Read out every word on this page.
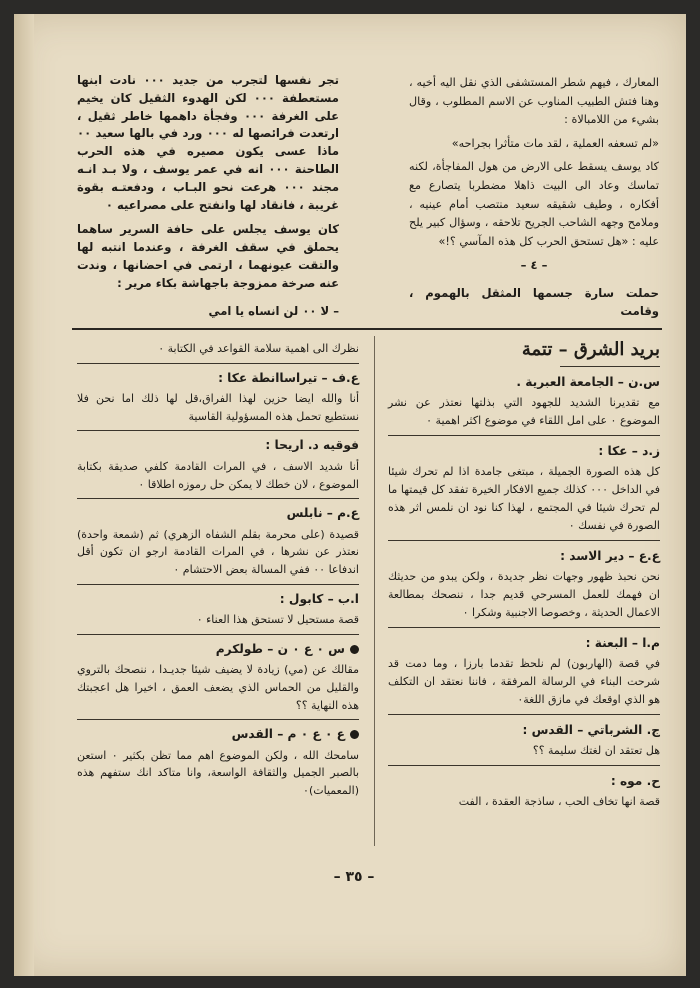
المعارك ، فيهم شطر المستشفى الذي نقل اليه أخيه ، وهنا فتش الطبيب المناوب عن الاسم المطلوب ، وقال بشيء من اللامبالاة :

«لم تسعفه العملية ، لقد مات متأثرا بجراحه»

كاد يوسف يسقط على الارض من هول المفاجأة، لكنه تماسك وعاد الى البيت ذاهلا مضطربا يتصارع مع أفكاره ، وطيف شقيقه سعيد منتصب أمام عينيه ، وملامح وجهه الشاحب الجريح تلاحقه ، وسؤال كبير يلح عليه : «هل تستحق الحرب كل هذه المآسي ؟!»

– ٤ –

حملت سارة جسمها المثقل بالهموم ، وقامت

تجر نفسها لتجرب من جديد ٠٠٠ نادت ابنها مستعطفة ٠٠٠ لكن الهدوء الثقيل كان يخيم على الغرفة ٠٠٠ وفجأة داهمها خاطر ثقيل ، ارتعدت فرائصها له ٠٠٠ ورد في بالها سعيد ٠٠ ماذا عسى يكون مصيره في هذه الحرب الطاحنة ٠٠٠ انه في عمر يوسف ، ولا بـد انـه مجند ٠٠٠ هرعت نحو البـاب ، ودفعتـه بقوة غريبة ، فانقاد لها وانفتح على مصراعيه ٠

كان يوسف يجلس على حافة السرير ساهما يحملق في سقف الغرفة ، وعندما انتبه لها والتقت عيونهما ، ارتمى في احضانها ، وندت عنه صرخة ممزوجة باجهاشة بكاء مرير :

– لا ٠٠ لن انساه يا امي

بريد الشرق – تتمة
س.ن – الجامعة العبرية .

مع تقديرنا الشديد للجهود التي بذلتها نعتذر عن نشر الموضوع ٠ على امل اللقاء في موضوع اكثر اهمية ٠

ز.د – عكا :

كل هذه الصورة الجميلة ، مبتغى جامدة اذا لم تحرك شيئا في الداخل ٠٠٠ كذلك جميع الافكار الخيرة تفقد كل قيمتها ما لم تحرك شيئا في المجتمع ، لهذا كنا نود ان نلمس اثر هذه الصورة في نفسك ٠

ع.ع – دير الاسد :

نحن نحبذ ظهور وجهات نظر جديدة ، ولكن يبدو من حديثك ان فهمك للعمل المسرحي قديم جدا ، ننصحك بمطالعة الاعمال الحديثة ، وخصوصا الاجنبية وشكرا ٠

م.ا – البعنة :

في قصة (الهاربون) لم نلحظ تقدما بارزا ، وما دمت قد شرحت البناء في الرسالة المرفقة ، فاننا نعتقد ان التكلف هو الذي اوقعك في مازق اللغة٠

ج. الشرباتي – القدس :

هل تعتقد ان لغتك سليمة ؟؟

ح. موه :

قصة انها تخاف الحب ، ساذجة العقدة ، الفت

نظرك الى اهمية سلامة القواعد في الكتابة ٠

ع.ف – تيراساانطة عكا :

أنا والله ايضا حزين لهذا الفراق،قل لها ذلك اما نحن فلا نستطيع تحمل هذه المسؤولية القاسية

فوقيه د. اريحا :

أنا شديد الاسف ، في المرات القادمة كلفي صديقة بكتابة الموضوع ، لان خطك لا يمكن حل رموزه اطلاقا ٠

ع.م – نابلس

قصيدة (على محرمة بقلم الشفاه الزهري) ثم (شمعة واحدة) نعتذر عن نشرها ، في المرات القادمة ارجو ان تكون أقل اندفاعا ٠٠ ففي المسالة بعض الاحتشام ٠

ا.ب – كابول :

قصة مستحيل لا تستحق هذا العناء ٠

س ٠ ع ٠ ن – طولكرم

مقالك عن (مي) زيادة لا يضيف شيئا جديـدا ، ننصحك بالتروي والقليل من الحماس الذي يضعف العمق ، اخيرا هل اعجبتك هذه النهاية ؟؟

ع ٠ ع ٠ م – القدس

سامحك الله ، ولكن الموضوع اهم مما تظن بكثير ٠ استعن بالصبر الجميل والثقافة الواسعة، وانا متاكد انك ستفهم هذه (المعميات)٠

– ٣٥ –
